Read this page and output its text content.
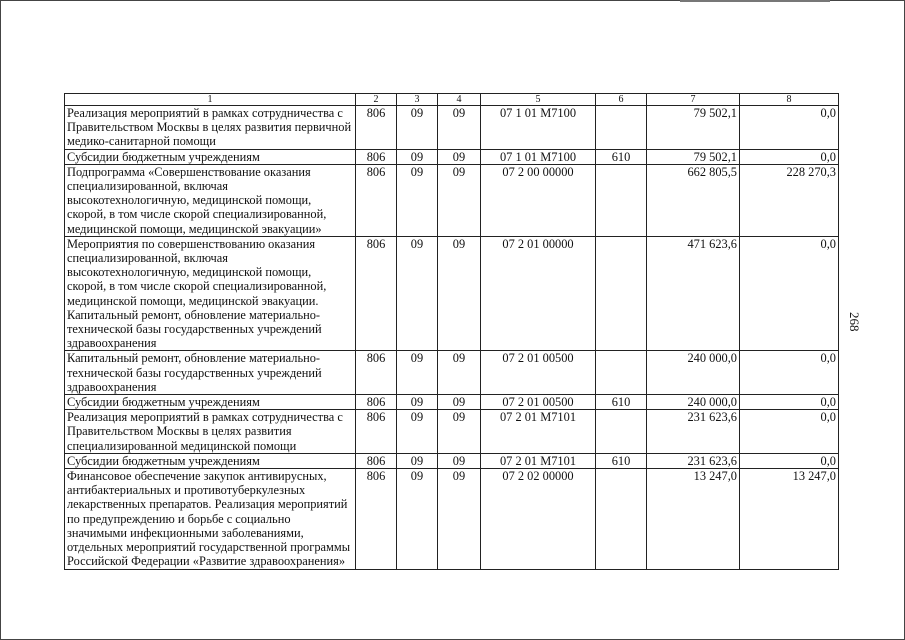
1	2	3	4	5	6	7	8
Реализация мероприятий в рамках сотрудничества с Правительством Москвы в целях развития первичной медико-санитарной помощи	806	09	09	07 1 01 М7100		79 502,1	0,0
Субсидии бюджетным учреждениям	806	09	09	07 1 01 М7100	610	79 502,1	0,0
Подпрограмма «Совершенствование оказания специализированной, включая высокотехнологичную, медицинской помощи, скорой, в том числе скорой специализированной, медицинской помощи, медицинской эвакуации»	806	09	09	07 2 00 00000		662 805,5	228 270,3
Мероприятия по совершенствованию оказания специализированной, включая высокотехнологичную, медицинской помощи, скорой, в том числе скорой специализированной, медицинской помощи, медицинской эвакуации. Капитальный ремонт, обновление материально-технической базы государственных учреждений здравоохранения	806	09	09	07 2 01 00000		471 623,6	0,0
Капитальный ремонт, обновление материально-технической базы государственных учреждений здравоохранения	806	09	09	07 2 01 00500		240 000,0	0,0
Субсидии бюджетным учреждениям	806	09	09	07 2 01 00500	610	240 000,0	0,0
Реализация мероприятий в рамках сотрудничества с Правительством Москвы в целях развития специализированной медицинской помощи	806	09	09	07 2 01 М7101		231 623,6	0,0
Субсидии бюджетным учреждениям	806	09	09	07 2 01 М7101	610	231 623,6	0,0
Финансовое обеспечение закупок антивирусных, антибактериальных и противотуберкулезных лекарственных препаратов. Реализация мероприятий по предупреждению и борьбе с социально значимыми инфекционными заболеваниями, отдельных мероприятий государственной программы Российской Федерации «Развитие здравоохранения»	806	09	09	07 2 02 00000		13 247,0	13 247,0
268
